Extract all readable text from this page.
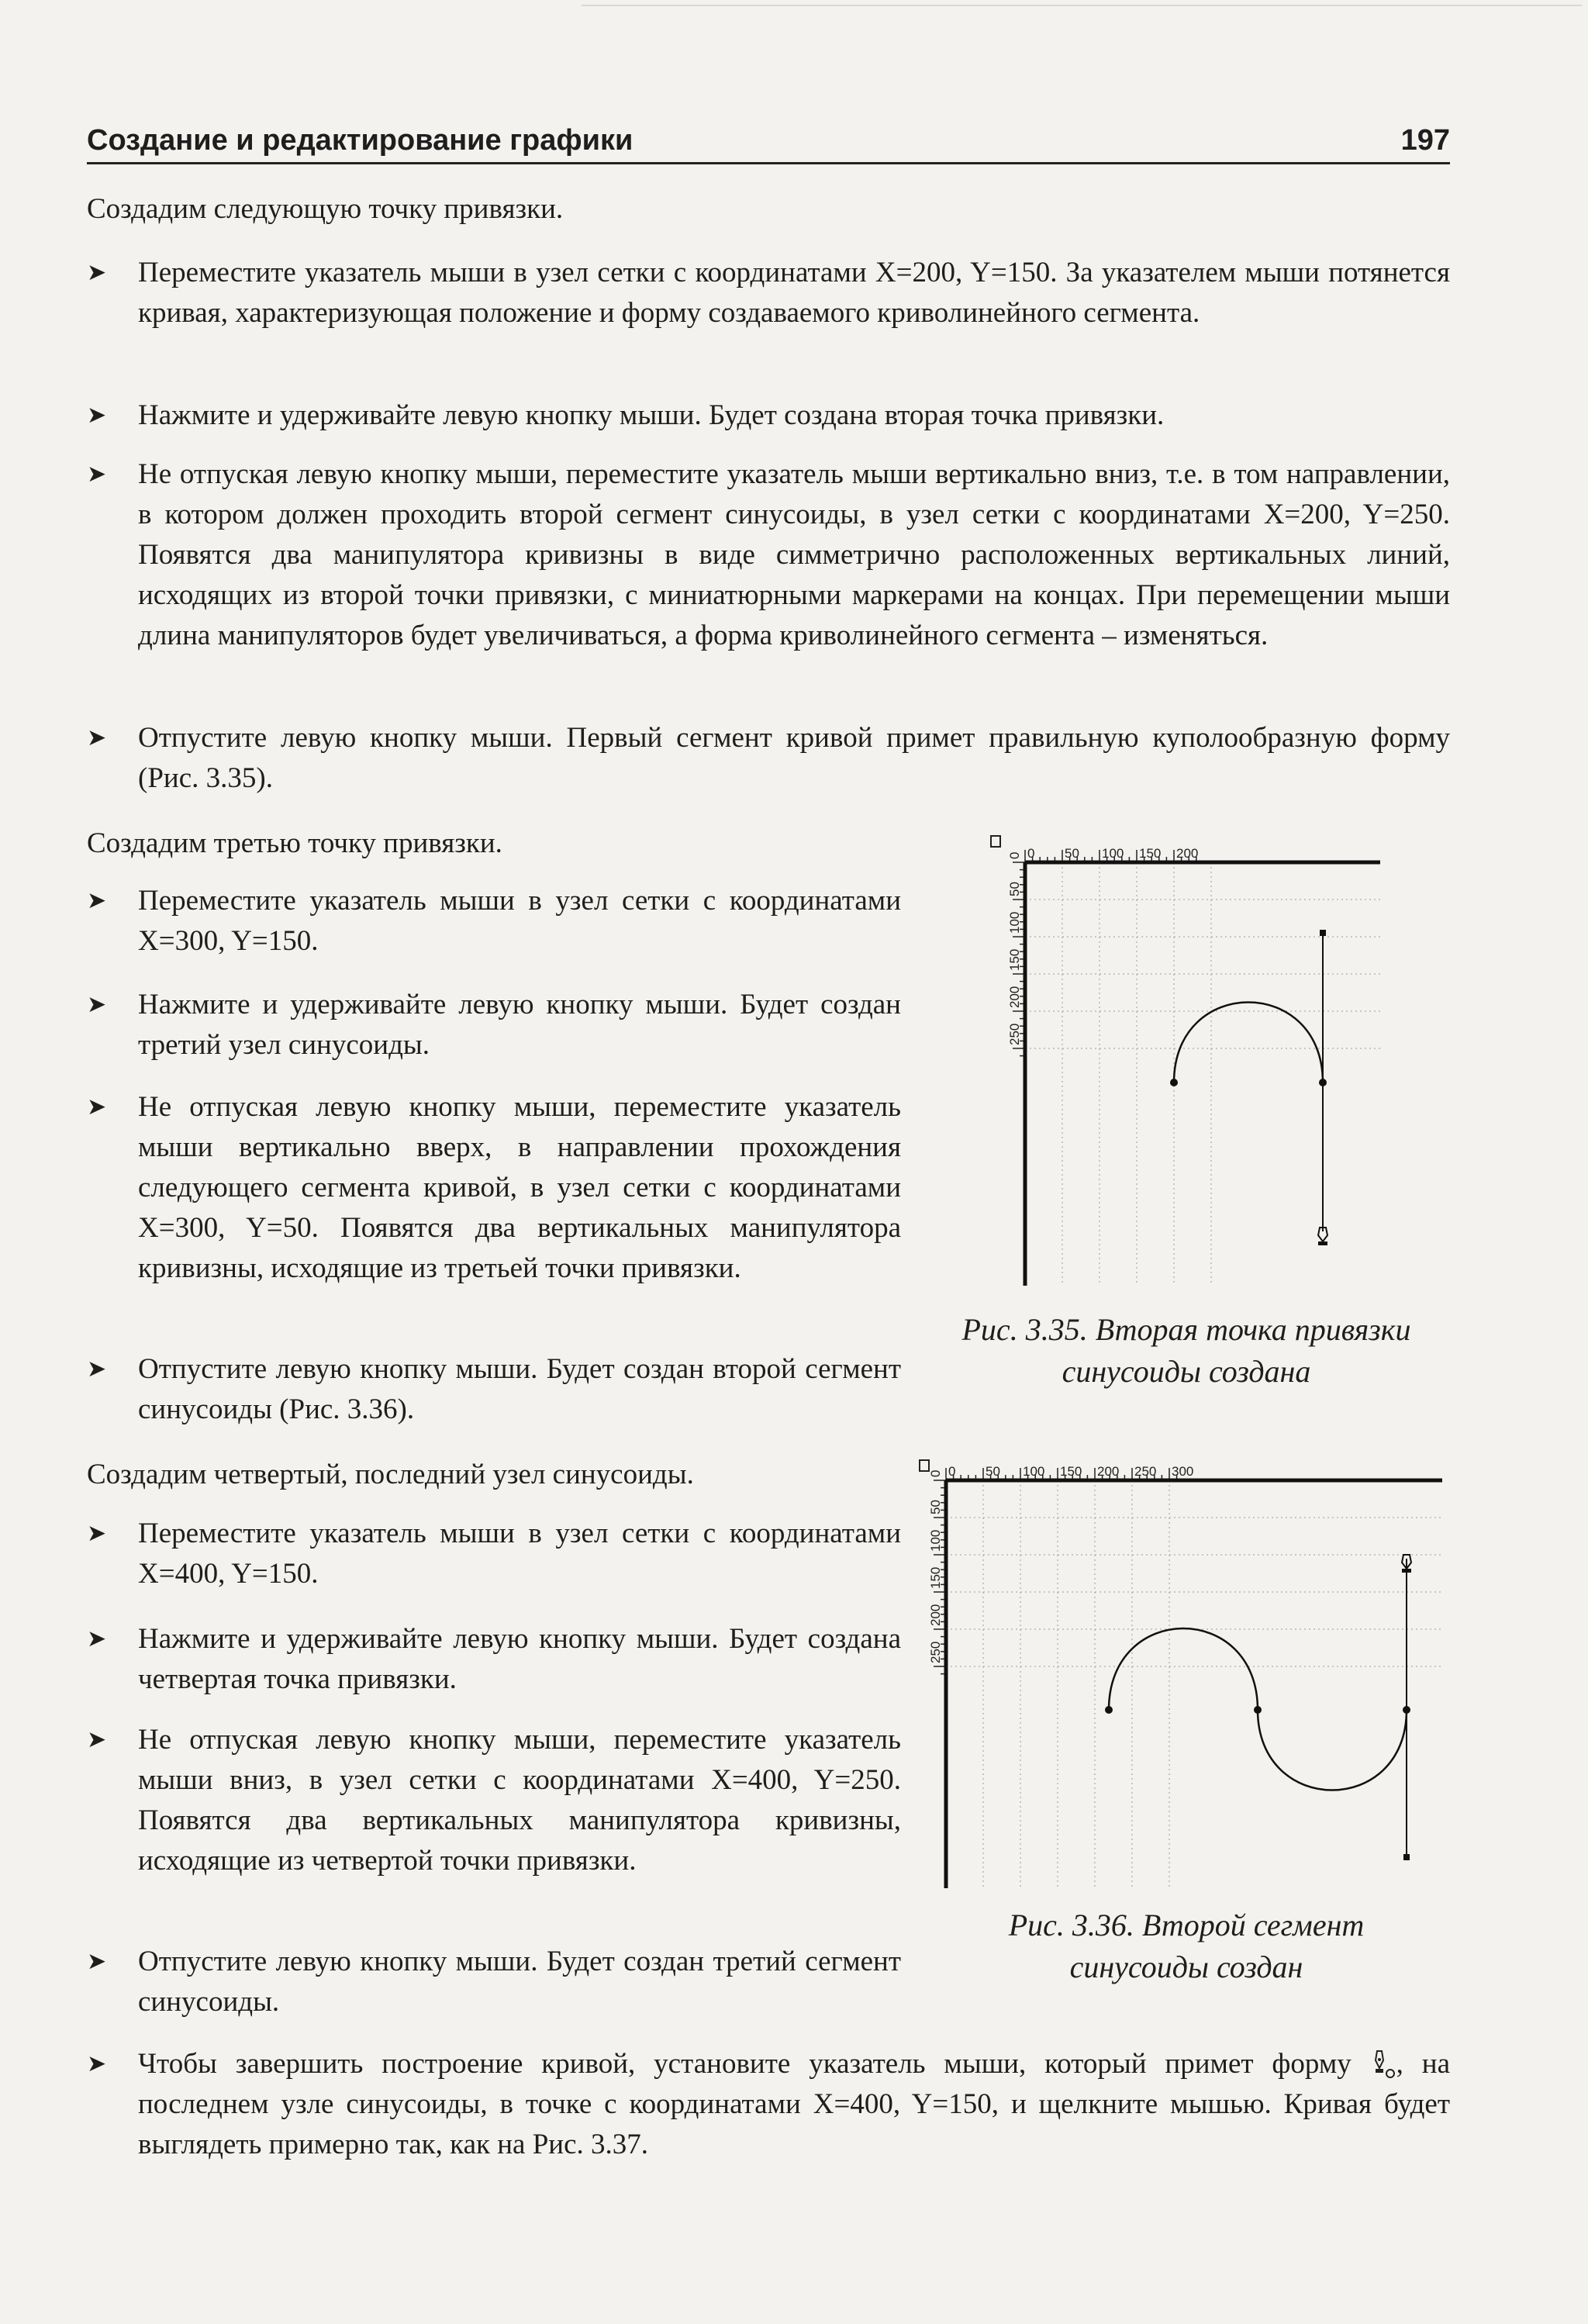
Создание и редактирование графики	197
Создадим следующую точку привязки.
➤ Переместите указатель мыши в узел сетки с координатами X=200, Y=150. За указателем мыши потянется кривая, характеризующая положение и форму создаваемого криволинейного сегмента.
➤ Нажмите и удерживайте левую кнопку мыши. Будет создана вторая точка привязки.
➤ Не отпуская левую кнопку мыши, переместите указатель мыши вертикально вниз, т.е. в том направлении, в котором должен проходить второй сегмент синусоиды, в узел сетки с координатами X=200, Y=250. Появятся два манипулятора кривизны в виде симметрично расположенных вертикальных линий, исходящих из второй точки привязки, с миниатюрными маркерами на концах. При перемещении мыши длина манипуляторов будет увеличиваться, а форма криволинейного сегмента – изменяться.
➤ Отпустите левую кнопку мыши. Первый сегмент кривой примет правильную куполообразную форму (Рис. 3.35).
Создадим третью точку привязки.
➤ Переместите указатель мыши в узел сетки с координатами X=300, Y=150.
➤ Нажмите и удерживайте левую кнопку мыши. Будет создан третий узел синусоиды.
➤ Не отпуская левую кнопку мыши, переместите указатель мыши вертикально вверх, в направлении прохождения следующего сегмента кривой, в узел сетки с координатами X=300, Y=50. Появятся два вертикальных манипулятора кривизны, исходящие из третьей точки привязки.
➤ Отпустите левую кнопку мыши. Будет создан второй сегмент синусоиды (Рис. 3.36).
Создадим четвертый, последний узел синусоиды.
➤ Переместите указатель мыши в узел сетки с координатами X=400, Y=150.
➤ Нажмите и удерживайте левую кнопку мыши. Будет создана четвертая точка привязки.
➤ Не отпуская левую кнопку мыши, переместите указатель мыши вниз, в узел сетки с координатами X=400, Y=250. Появятся два вертикальных манипулятора кривизны, исходящие из четвертой точки привязки.
➤ Отпустите левую кнопку мыши. Будет создан третий сегмент синусоиды.
➤ Чтобы завершить построение кривой, установите указатель мыши, который примет форму , на последнем узле синусоиды, в точке с координатами X=400, Y=150, и щелкните мышью. Кривая будет выглядеть примерно так, как на Рис. 3.37.
0 50 100 150 200
0
50
100
150
200
250
Рис. 3.35. Вторая точка привязки
синусоиды создана
0 50 100 150 200 250 300
0
50
100
150
200
250
Рис. 3.36. Второй сегмент
синусоиды создан
